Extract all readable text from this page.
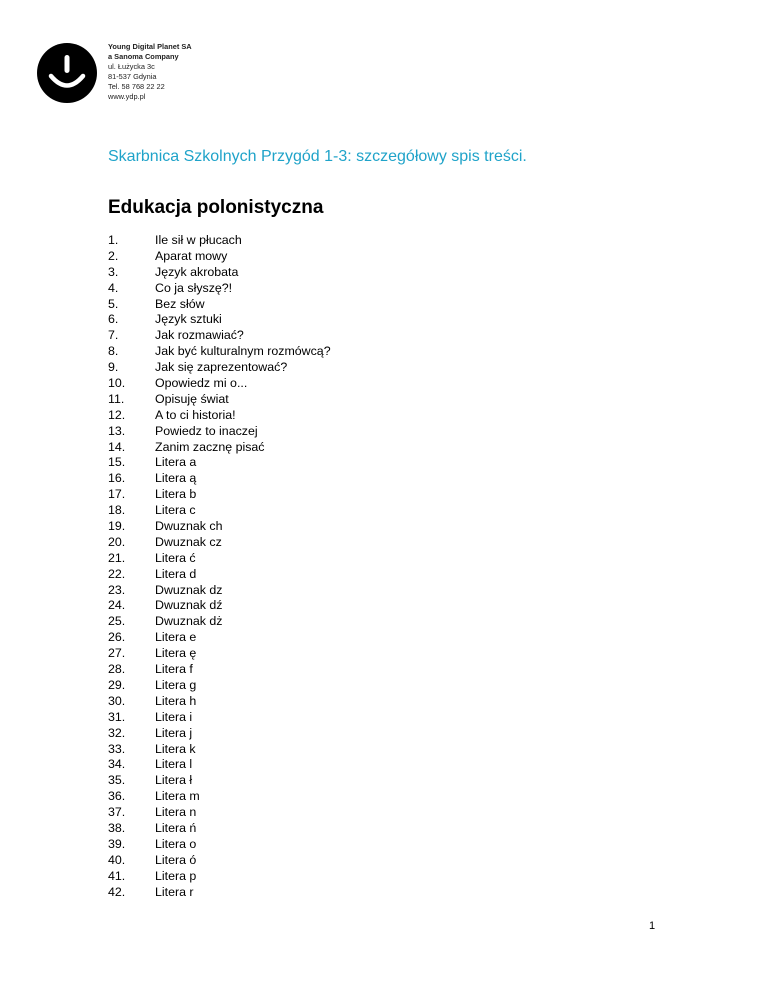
Young Digital Planet SA
a Sanoma Company
ul. Łużycka 3c
81-537 Gdynia
Tel. 58 768 22 22
www.ydp.pl
Skarbnica Szkolnych Przygód 1-3: szczegółowy spis treści.
Edukacja polonistyczna
1.	Ile sił w płucach
2.	Aparat mowy
3.	Język akrobata
4.	Co ja słyszę?!
5.	Bez słów
6.	Język sztuki
7.	Jak rozmawiać?
8.	Jak być kulturalnym rozmówcą?
9.	Jak się zaprezentować?
10.	Opowiedz mi o...
11.	Opisuję świat
12.	A to ci historia!
13.	Powiedz to inaczej
14.	Zanim zacznę pisać
15.	Litera a
16.	Litera ą
17.	Litera b
18.	Litera c
19.	Dwuznak ch
20.	Dwuznak cz
21.	Litera ć
22.	Litera d
23.	Dwuznak dz
24.	Dwuznak dź
25.	Dwuznak dż
26.	Litera e
27.	Litera ę
28.	Litera f
29.	Litera g
30.	Litera h
31.	Litera i
32.	Litera j
33.	Litera k
34.	Litera l
35.	Litera ł
36.	Litera m
37.	Litera n
38.	Litera ń
39.	Litera o
40.	Litera ó
41.	Litera p
42.	Litera r
1
